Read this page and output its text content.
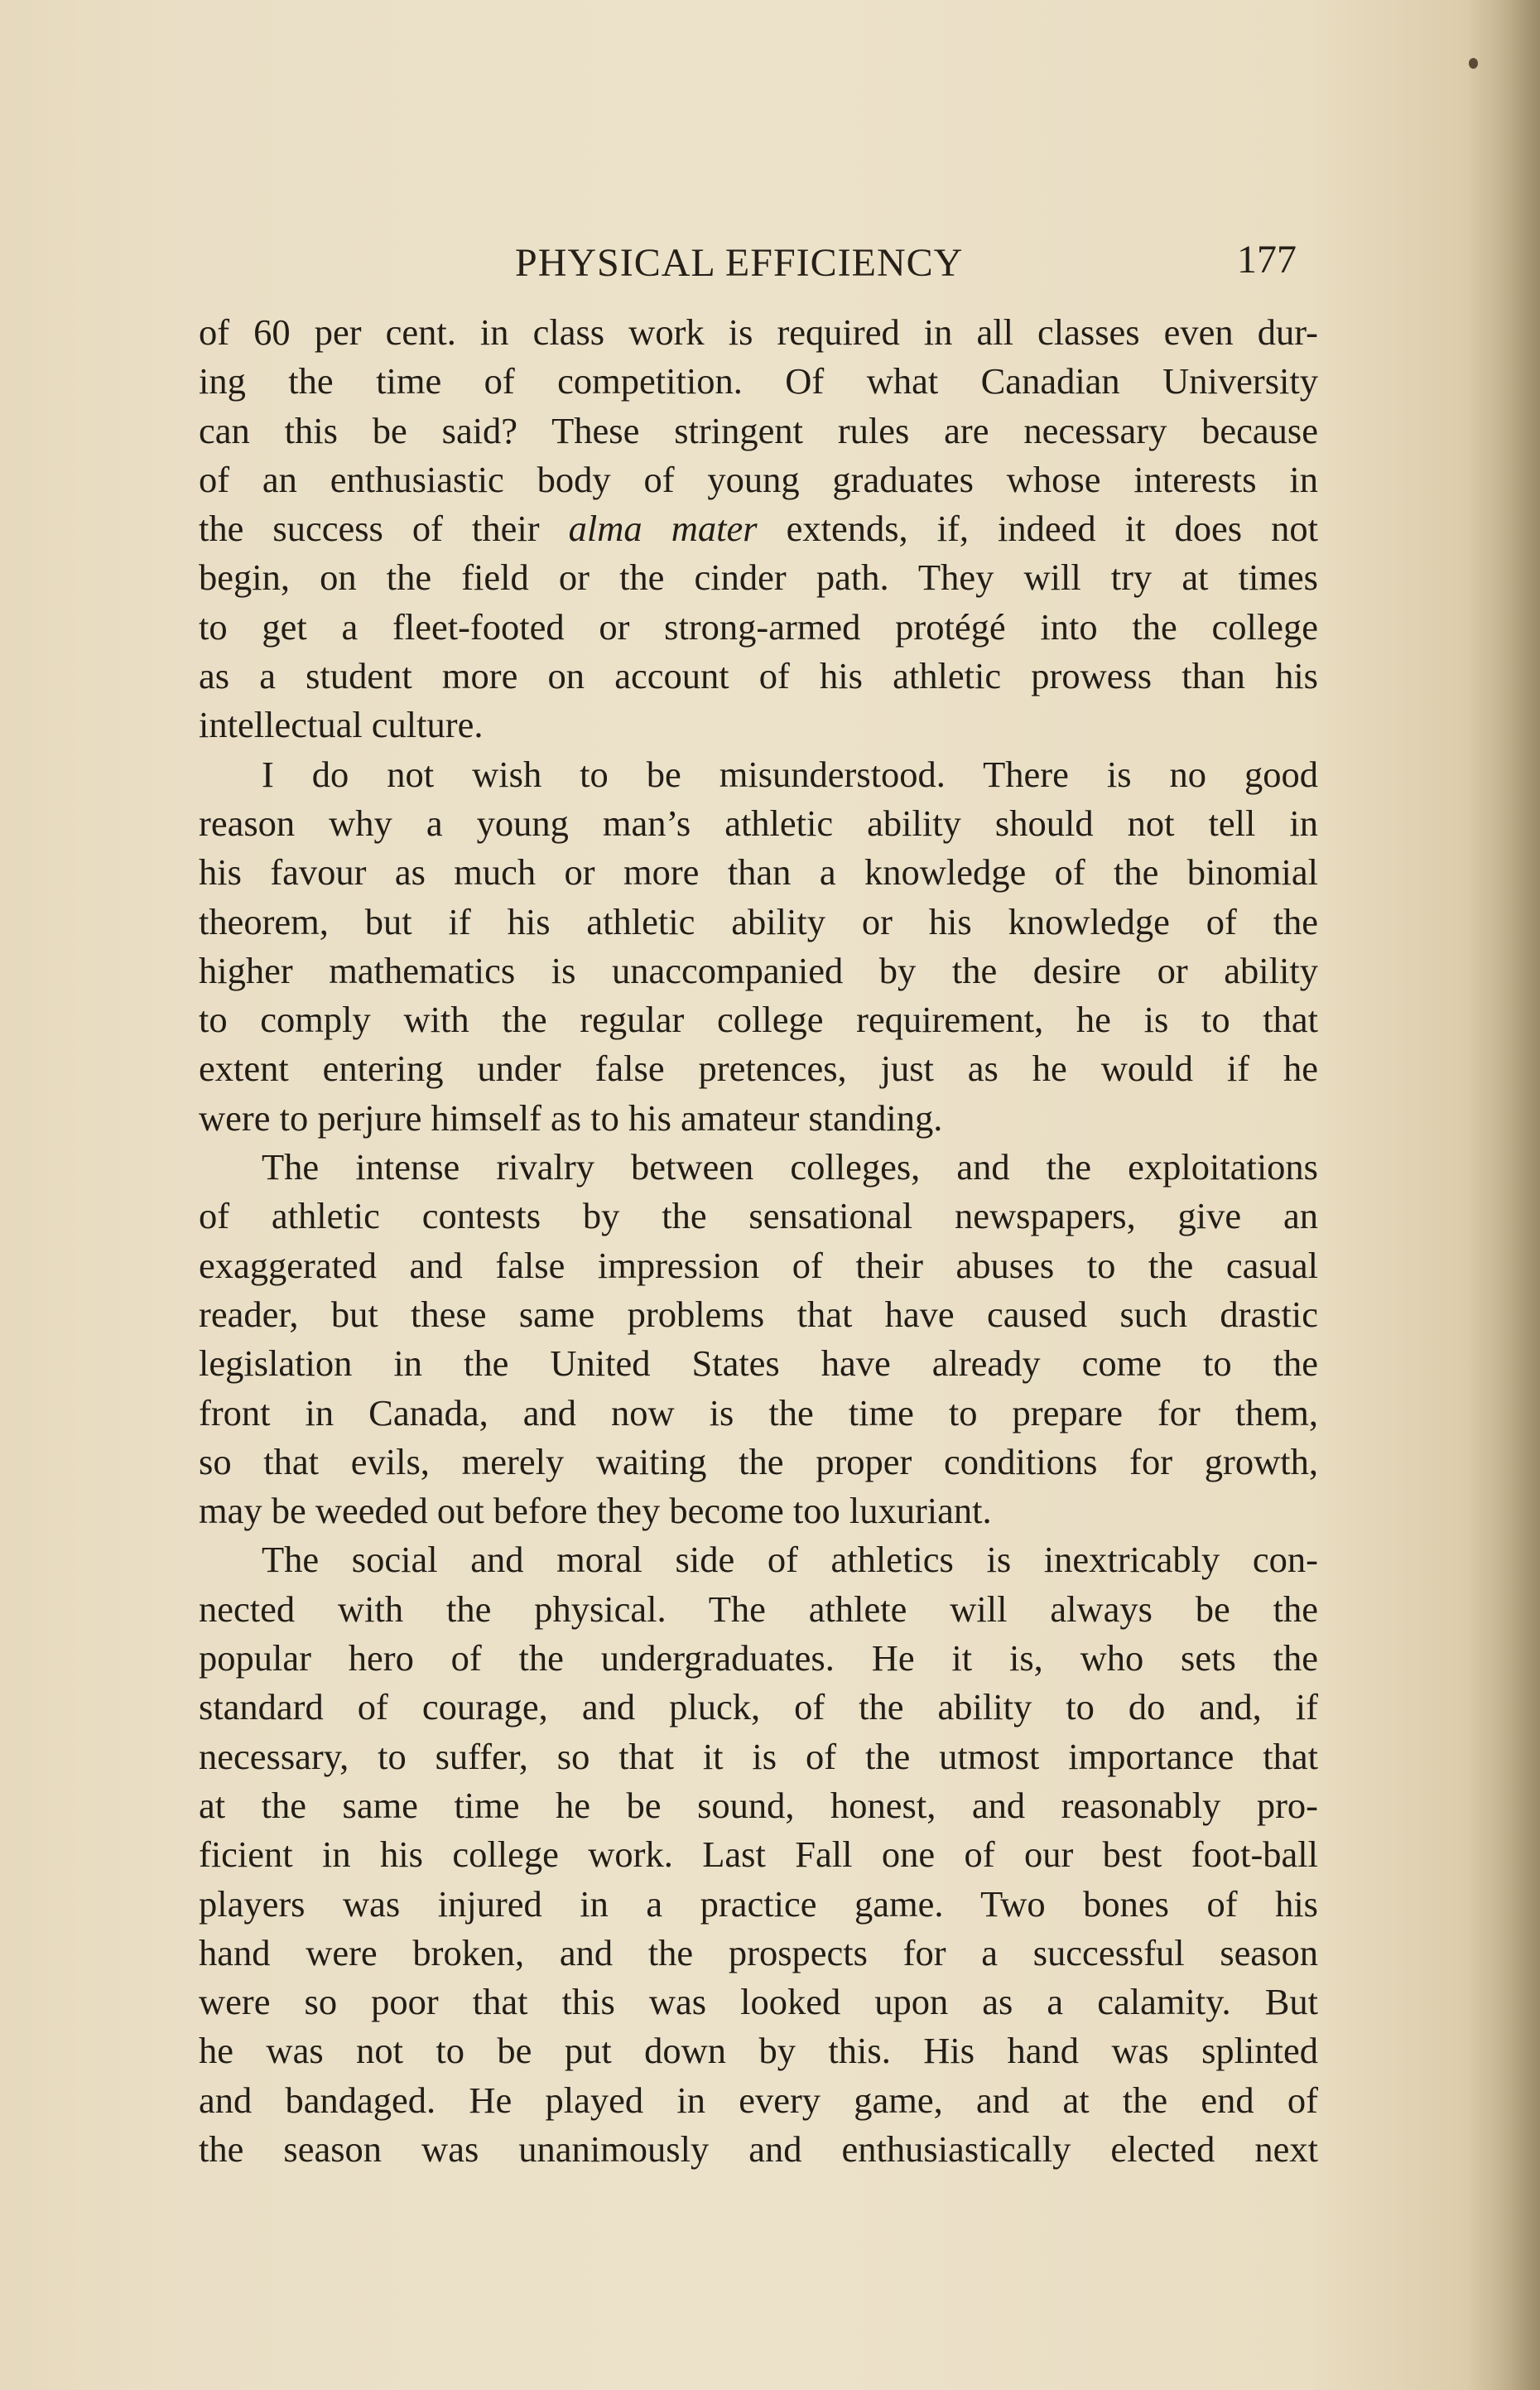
PHYSICAL EFFICIENCY	177
of 60 per cent. in class work is required in all classes even dur-
ing the time of competition. Of what Canadian University
can this be said? These stringent rules are necessary because
of an enthusiastic body of young graduates whose interests in
the success of their alma mater extends, if, indeed it does not
begin, on the field or the cinder path. They will try at times
to get a fleet-footed or strong-armed protégé into the college
as a student more on account of his athletic prowess than his
intellectual culture.
I do not wish to be misunderstood. There is no good
reason why a young man’s athletic ability should not tell in
his favour as much or more than a knowledge of the binomial
theorem, but if his athletic ability or his knowledge of the
higher mathematics is unaccompanied by the desire or ability
to comply with the regular college requirement, he is to that
extent entering under false pretences, just as he would if he
were to perjure himself as to his amateur standing.
The intense rivalry between colleges, and the exploitations
of athletic contests by the sensational newspapers, give an
exaggerated and false impression of their abuses to the casual
reader, but these same problems that have caused such drastic
legislation in the United States have already come to the
front in Canada, and now is the time to prepare for them,
so that evils, merely waiting the proper conditions for growth,
may be weeded out before they become too luxuriant.
The social and moral side of athletics is inextricably con-
nected with the physical. The athlete will always be the
popular hero of the undergraduates. He it is, who sets the
standard of courage, and pluck, of the ability to do and, if
necessary, to suffer, so that it is of the utmost importance that
at the same time he be sound, honest, and reasonably pro-
ficient in his college work. Last Fall one of our best foot-ball
players was injured in a practice game. Two bones of his
hand were broken, and the prospects for a successful season
were so poor that this was looked upon as a calamity. But
he was not to be put down by this. His hand was splinted
and bandaged. He played in every game, and at the end of
the season was unanimously and enthusiastically elected next
